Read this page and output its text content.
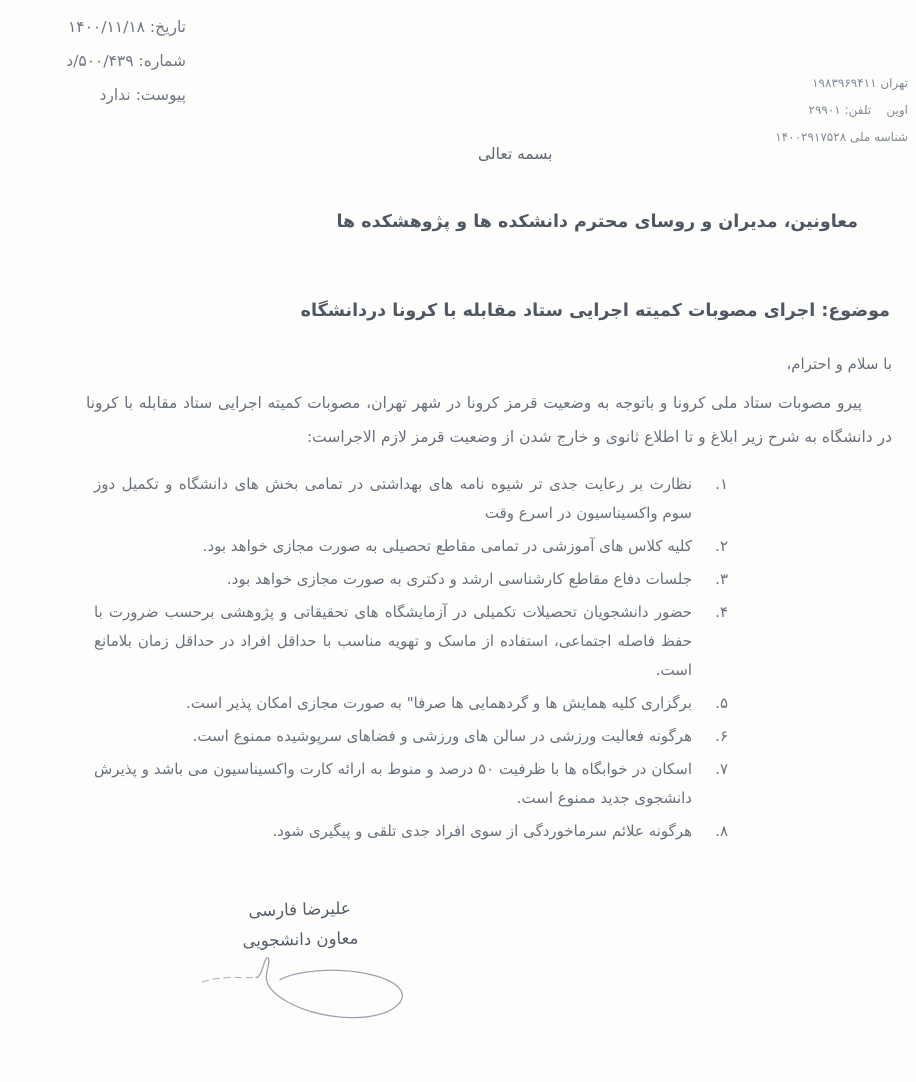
تاریخ: ۱۴۰۰/۱۱/۱۸
شماره: ۵۰۰/۴۳۹/د
پیوست: ندارد
تهران ۱۹۸۳۹۶۹۴۱۱
اوین    تلفن: ۲۹۹۰۱
شناسه ملی ۱۴۰۰۲۹۱۷۵۲۸
بسمه تعالی
معاونین، مدیران و روسای محترم دانشکده ها و پژوهشکده ها
موضوع: اجرای مصوبات کمیته اجرایی ستاد مقابله با کرونا دردانشگاه
با سلام و احترام،
پیرو مصوبات ستاد ملی کرونا و باتوجه به وضعیت قرمز کرونا در شهر تهران، مصوبات کمیته اجرایی ستاد مقابله با کرونا در دانشگاه به شرح زیر ابلاغ و تا اطلاع ثانوی و خارج شدن از وضعیت قرمز لازم الاجراست:
۱.
نظارت بر رعایت جدی تر شیوه نامه های بهداشتی در تمامی بخش های دانشگاه و تکمیل دوز سوم واکسیناسیون در اسرع وقت
۲.
کلیه کلاس های آموزشی در تمامی مقاطع تحصیلی به صورت مجازی خواهد بود.
۳.
جلسات دفاع مقاطع کارشناسی ارشد و دکتری به صورت مجازی خواهد بود.
۴.
حضور دانشجویان تحصیلات تکمیلی در آزمایشگاه های تحقیقاتی و پژوهشی برحسب ضرورت با حفظ فاصله اجتماعی، استفاده از ماسک و تهویه مناسب با حداقل افراد در حداقل زمان بلامانع است.
۵.
برگزاری کلیه همایش ها و گردهمایی ها صرفا" به صورت مجازی امکان پذیر است.
۶.
هرگونه فعالیت ورزشی در سالن های ورزشی و فضاهای سرپوشیده ممنوع است.
۷.
اسکان در خوابگاه ها با ظرفیت ۵۰ درصد و منوط به ارائه کارت واکسیناسیون می باشد و پذیرش دانشجوی جدید ممنوع است.
۸.
هرگونه علائم سرماخوردگی از سوی افراد جدی تلقی و پیگیری شود.
علیرضا فارسی
معاون دانشجویی
